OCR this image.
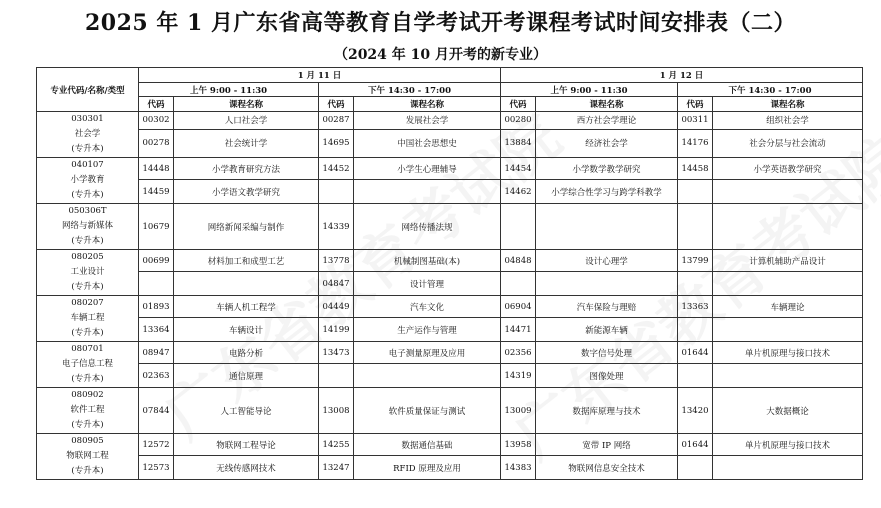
2025 年 1 月广东省高等教育自学考试开考课程考试时间安排表（二）
（2024 年 10 月开考的新专业）
专业代码/名称/类型	1 月 11 日				1 月 12 日			
	上午 9:00 - 11:30		下午 14:30 - 17:00		上午 9:00 - 11:30		下午 14:30 - 17:00	
	代码	课程名称	代码	课程名称	代码	课程名称	代码	课程名称

030301
社会学
(专升本)	00302	人口社会学	00287	发展社会学	00280	西方社会学理论	00311	组织社会学
	00278	社会统计学	14695	中国社会思想史	13884	经济社会学	14176	社会分层与社会流动

040107
小学教育
(专升本)	14448	小学教育研究方法	14452	小学生心理辅导	14454	小学数学教学研究	14458	小学英语教学研究
	14459	小学语文教学研究			14462	小学综合性学习与跨学科教学		

050306T
网络与新媒体
(专升本)	10679	网络新闻采编与制作	14339	网络传播法规				

080205
工业设计
(专升本)	00699	材料加工和成型工艺	13778	机械制图基础(本)	04848	设计心理学	13799	计算机辅助产品设计
			04847	设计管理				

080207
车辆工程
(专升本)	01893	车辆人机工程学	04449	汽车文化	06904	汽车保险与理赔	13363	车辆理论
	13364	车辆设计	14199	生产运作与管理	14471	新能源车辆		

080701
电子信息工程
(专升本)	08947	电路分析	13473	电子测量原理及应用	02356	数字信号处理	01644	单片机原理与接口技术
	02363	通信原理			14319	图像处理		

080902
软件工程
(专升本)	07844	人工智能导论	13008	软件质量保证与测试	13009	数据库原理与技术	13420	大数据概论

080905
物联网工程
(专升本)	12572	物联网工程导论	14255	数据通信基础	13958	宽带 IP 网络	01644	单片机原理与接口技术
	12573	无线传感网技术	13247	RFID 原理及应用	14383	物联网信息安全技术		
